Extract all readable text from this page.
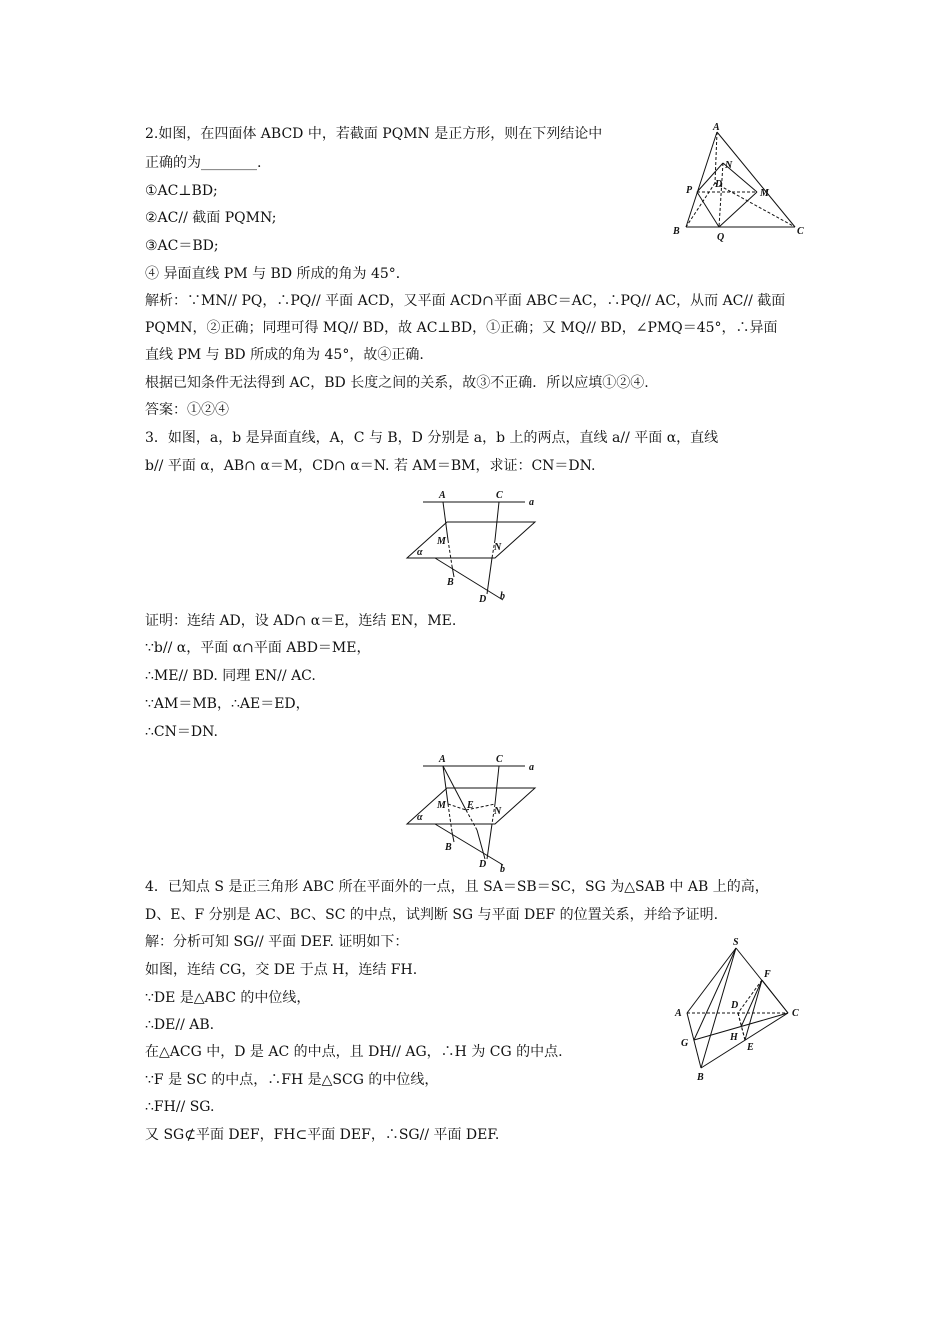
2.如图，在四面体 ABCD 中，若截面 PQMN 是正方形，则在下列结论中
正确的为________.
①AC⊥BD;
②AC// 截面 PQMN;
③AC＝BD;
④ 异面直线 PM 与 BD 所成的角为 45°．
解析：∵MN// PQ，∴PQ// 平面 ACD，又平面 ACD∩平面 ABC＝AC，∴PQ// AC，从而 AC// 截面
PQMN，②正确；同理可得 MQ// BD，故 AC⊥BD，①正确；又 MQ// BD，∠PMQ＝45°，∴异面
直线 PM 与 BD 所成的角为 45°，故④正确.
根据已知条件无法得到 AC，BD 长度之间的关系，故③不正确．所以应填①②④.
答案：①②④
A
N
D
P	M
B
Q
C
3．如图，a，b 是异面直线，A，C 与 B，D 分别是 a，b 上的两点，直线 a// 平面 α，直线
b// 平面 α，AB∩ α＝M，CD∩ α＝N. 若 AM＝BM，求证：CN＝DN.
A	C
a
M
N
α
B
D b
证明：连结 AD，设 AD∩ α＝E，连结 EN，ME.
∵b// α，平面 α∩平面 ABD＝ME，
∴ME// BD. 同理 EN// AC.
∵AM＝MB，∴AE＝ED，
∴CN＝DN.
A	C
a
M E
N
α
B
D b
4．已知点 S 是正三角形 ABC 所在平面外的一点，且 SA＝SB＝SC，SG 为△SAB 中 AB 上的高，
D、E、F 分别是 AC、BC、SC 的中点，试判断 SG 与平面 DEF 的位置关系，并给予证明.
解：分析可知 SG// 平面 DEF. 证明如下：
如图，连结 CG，交 DE 于点 H，连结 FH.
∵DE 是△ABC 的中位线，
∴DE// AB.
在△ACG 中，D 是 AC 的中点，且 DH// AG，∴H 为 CG 的中点.
∵F 是 SC 的中点，∴FH 是△SCG 的中位线，
∴FH// SG.
又 SG⊄平面 DEF，FH⊂平面 DEF，∴SG// 平面 DEF.
S
F
A
D
C
G
H
E
B
